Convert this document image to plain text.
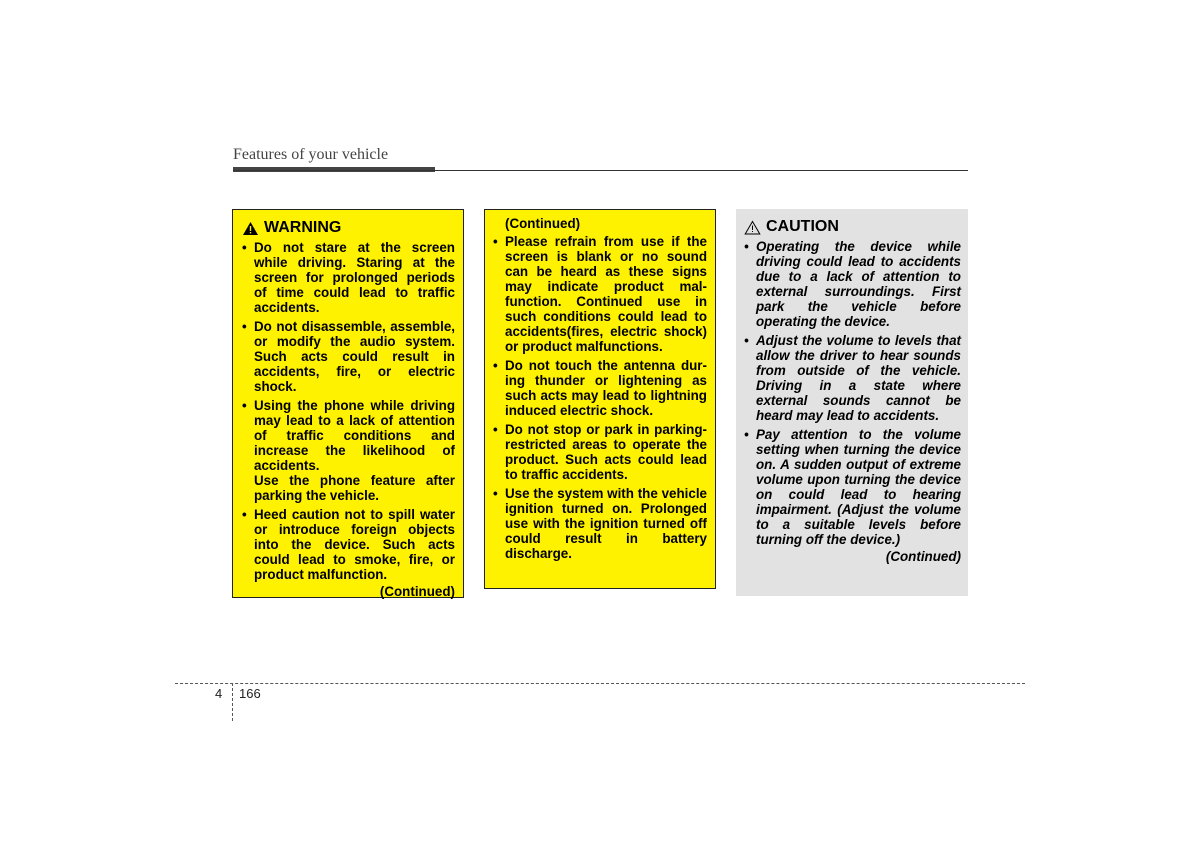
Features of your vehicle
WARNING
• Do not stare at the screen while driving. Staring at the screen for prolonged periods of time could lead to traffic accidents.
• Do not disassemble, assemble, or modify the audio system. Such acts could result in accidents, fire, or electric shock.
• Using the phone while driving may lead to a lack of attention of traffic conditions and increase the likelihood of accidents.
Use the phone feature after parking the vehicle.
• Heed caution not to spill water or introduce foreign objects into the device. Such acts could lead to smoke, fire, or product malfunction.
(Continued)
(Continued)
• Please refrain from use if the screen is blank or no sound can be heard as these signs may indicate product malfunction. Continued use in such conditions could lead to accidents(fires, electric shock) or product malfunctions.
• Do not touch the antenna during thunder or lightening as such acts may lead to lightning induced electric shock.
• Do not stop or park in parking-restricted areas to operate the product. Such acts could lead to traffic accidents.
• Use the system with the vehicle ignition turned on. Prolonged use with the ignition turned off could result in battery discharge.
CAUTION
• Operating the device while driving could lead to accidents due to a lack of attention to external surroundings. First park the vehicle before operating the device.
• Adjust the volume to levels that allow the driver to hear sounds from outside of the vehicle. Driving in a state where external sounds cannot be heard may lead to accidents.
• Pay attention to the volume setting when turning the device on. A sudden output of extreme volume upon turning the device on could lead to hearing impairment. (Adjust the volume to a suitable levels before turning off the device.)
(Continued)
4 166
